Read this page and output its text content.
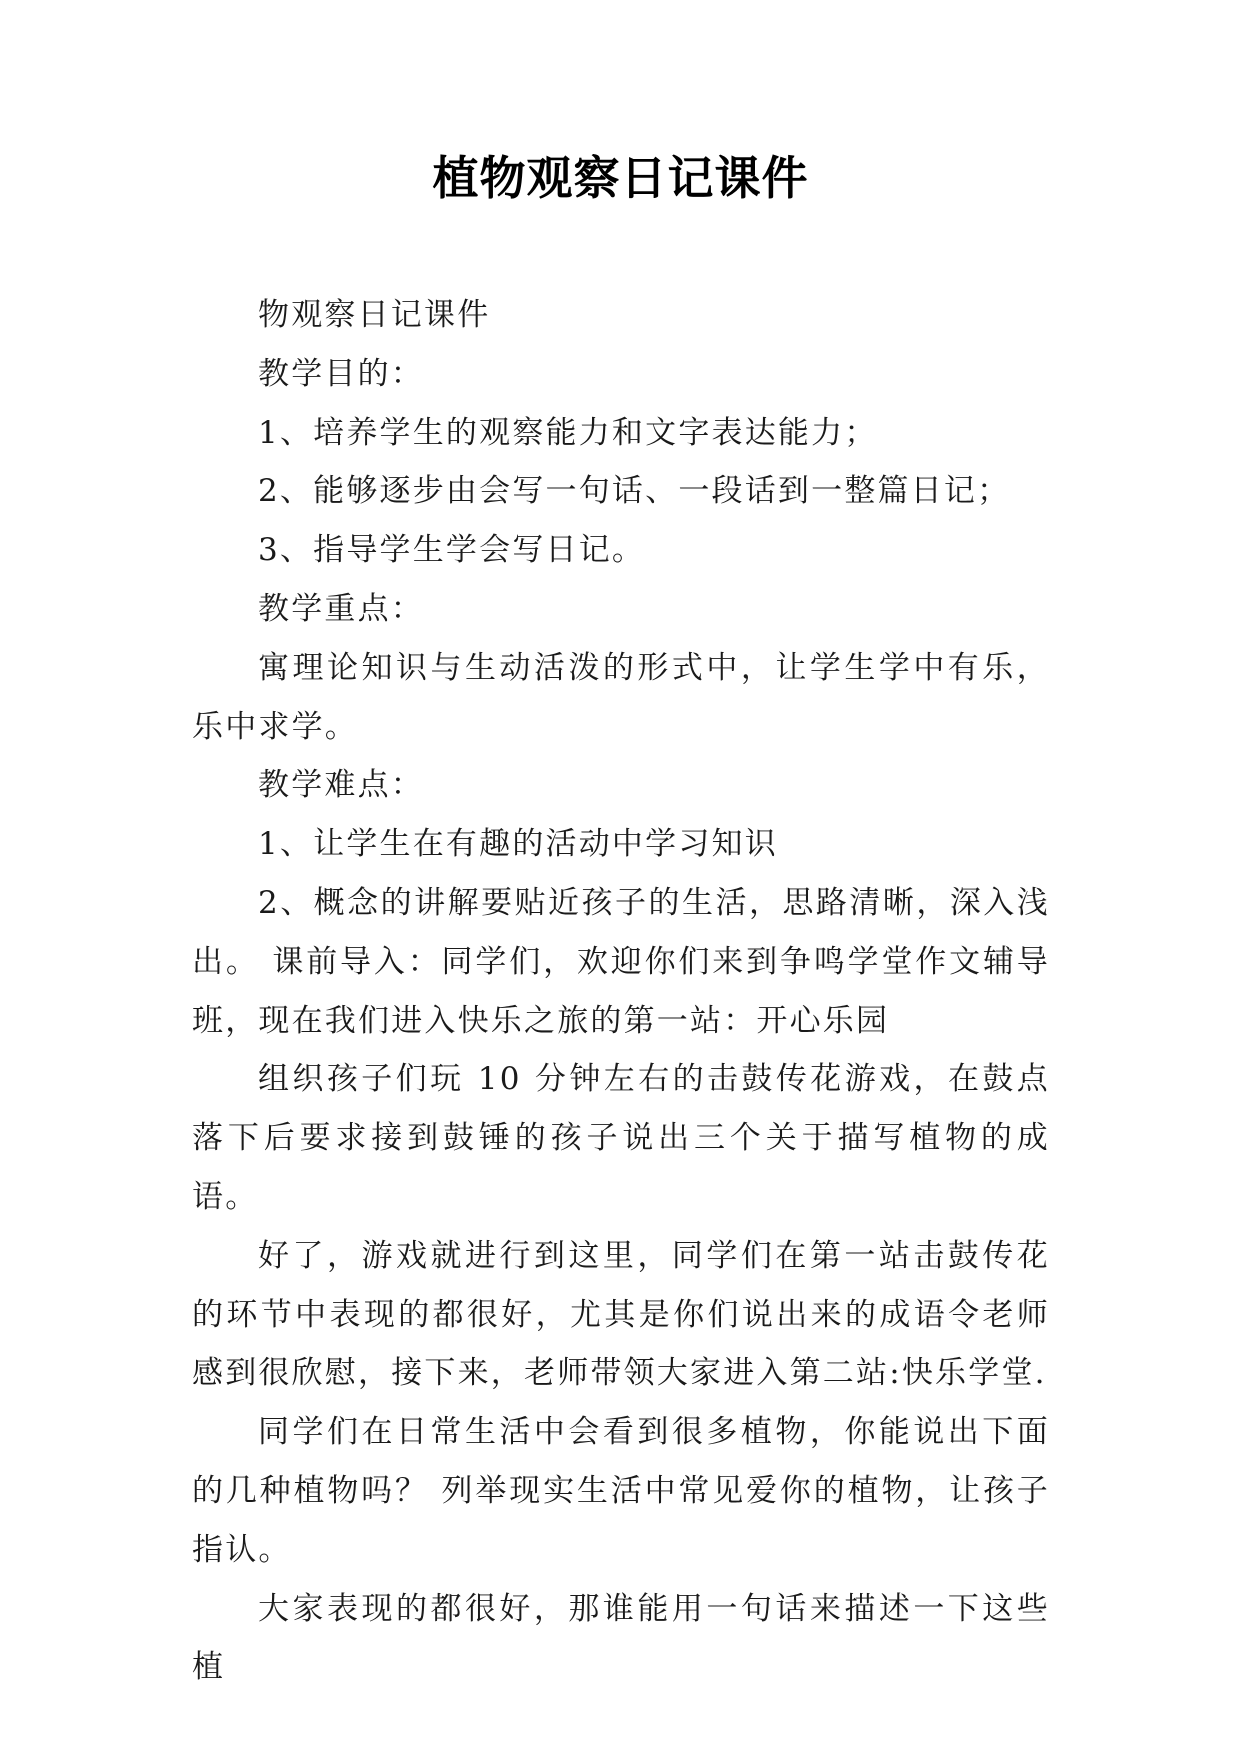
植物观察日记课件

物观察日记课件

教学目的：

1、培养学生的观察能力和文字表达能力；

2、能够逐步由会写一句话、一段话到一整篇日记；

3、指导学生学会写日记。

教学重点：

寓理论知识与生动活泼的形式中，让学生学中有乐，乐中求学。

教学难点：

1、让学生在有趣的活动中学习知识

2、概念的讲解要贴近孩子的生活，思路清晰，深入浅出。 课前导入：同学们，欢迎你们来到争鸣学堂作文辅导班，现在我们进入快乐之旅的第一站：开心乐园

组织孩子们玩 10 分钟左右的击鼓传花游戏，在鼓点落下后要求接到鼓锤的孩子说出三个关于描写植物的成语。

好了，游戏就进行到这里，同学们在第一站击鼓传花的环节中表现的都很好，尤其是你们说出来的成语令老师感到很欣慰，接下来，老师带领大家进入第二站:快乐学堂.

同学们在日常生活中会看到很多植物，你能说出下面的几种植物吗？ 列举现实生活中常见爱你的植物，让孩子指认。

大家表现的都很好，那谁能用一句话来描述一下这些植
